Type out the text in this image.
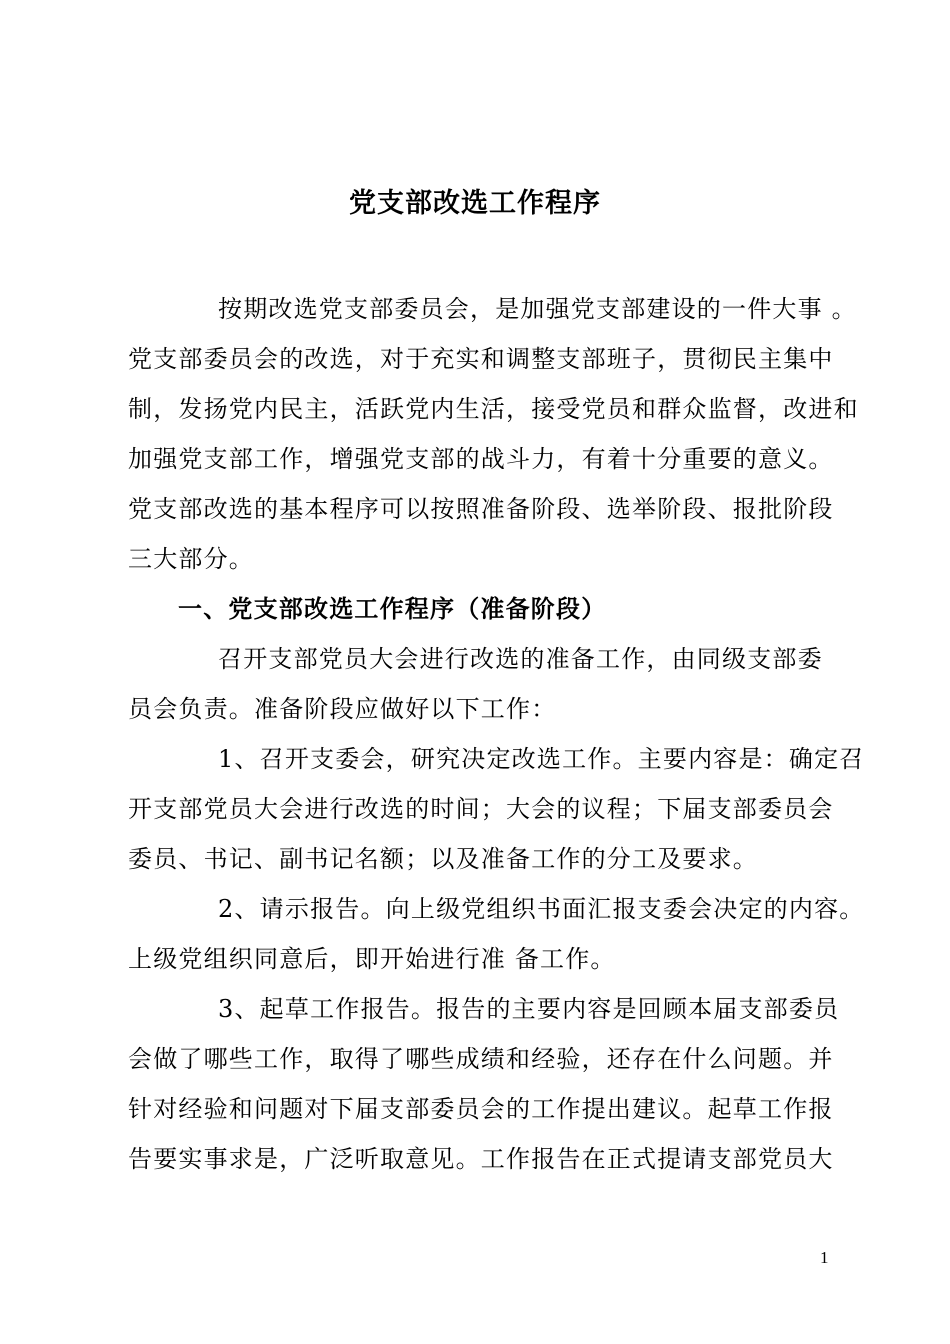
党支部改选工作程序
按期改选党支部委员会，是加强党支部建设的一件大事 。
党支部委员会的改选，对于充实和调整支部班子，贯彻民主集中
制，发扬党内民主，活跃党内生活，接受党员和群众监督，改进和
加强党支部工作，增强党支部的战斗力，有着十分重要的意义。
党支部改选的基本程序可以按照准备阶段、选举阶段、报批阶段
三大部分。
一、党支部改选工作程序（准备阶段）
召开支部党员大会进行改选的准备工作，由同级支部委
员会负责。准备阶段应做好以下工作：
1、召开支委会，研究决定改选工作。主要内容是：确定召
开支部党员大会进行改选的时间；大会的议程；下届支部委员会
委员、书记、副书记名额；以及准备工作的分工及要求。
2、请示报告。向上级党组织书面汇报支委会决定的内容。
上级党组织同意后，即开始进行准 备工作。
3、起草工作报告。报告的主要内容是回顾本届支部委员
会做了哪些工作，取得了哪些成绩和经验，还存在什么问题。并
针对经验和问题对下届支部委员会的工作提出建议。起草工作报
告要实事求是，广泛听取意见。工作报告在正式提请支部党员大
1
